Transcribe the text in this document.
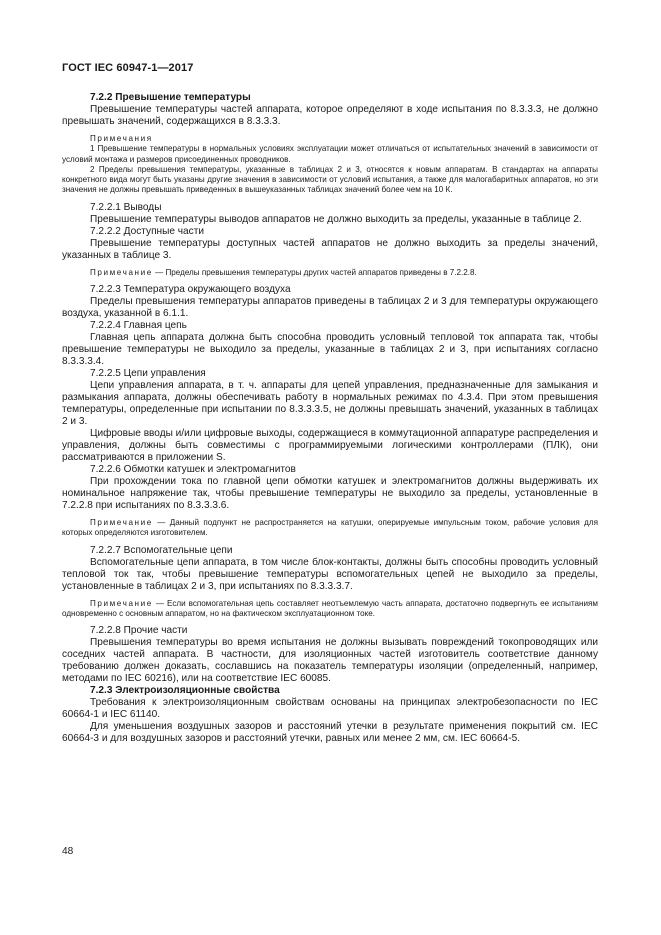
ГОСТ IEC 60947-1—2017

7.2.2 Превышение температуры

Превышение температуры частей аппарата, которое определяют в ходе испытания по 8.3.3.3, не должно превышать значений, содержащихся в 8.3.3.3.

Примечания

1 Превышение температуры в нормальных условиях эксплуатации может отличаться от испытательных значений в зависимости от условий монтажа и размеров присоединенных проводников.

2 Пределы превышения температуры, указанные в таблицах 2 и 3, относятся к новым аппаратам. В стандартах на аппараты конкретного вида могут быть указаны другие значения в зависимости от условий испытания, а также для малогабаритных аппаратов, но эти значения не должны превышать приведенных в вышеуказанных таблицах значений более чем на 10 К.

7.2.2.1 Выводы

Превышение температуры выводов аппаратов не должно выходить за пределы, указанные в таблице 2.

7.2.2.2 Доступные части

Превышение температуры доступных частей аппаратов не должно выходить за пределы значений, указанных в таблице 3.

Примечание — Пределы превышения температуры других частей аппаратов приведены в 7.2.2.8.

7.2.2.3 Температура окружающего воздуха

Пределы превышения температуры аппаратов приведены в таблицах 2 и 3 для температуры окружающего воздуха, указанной в 6.1.1.

7.2.2.4 Главная цепь

Главная цепь аппарата должна быть способна проводить условный тепловой ток аппарата так, чтобы превышение температуры не выходило за пределы, указанные в таблицах 2 и 3, при испытаниях согласно 8.3.3.3.4.

7.2.2.5 Цепи управления

Цепи управления аппарата, в т. ч. аппараты для цепей управления, предназначенные для замыкания и размыкания аппарата, должны обеспечивать работу в нормальных режимах по 4.3.4. При этом превышения температуры, определенные при испытании по 8.3.3.3.5, не должны превышать значений, указанных в таблицах 2 и 3.

Цифровые вводы и/или цифровые выходы, содержащиеся в коммутационной аппаратуре распределения и управления, должны быть совместимы с программируемыми логическими контроллерами (ПЛК), они рассматриваются в приложении S.

7.2.2.6 Обмотки катушек и электромагнитов

При прохождении тока по главной цепи обмотки катушек и электромагнитов должны выдерживать их номинальное напряжение так, чтобы превышение температуры не выходило за пределы, установленные в 7.2.2.8 при испытаниях по 8.3.3.3.6.

Примечание — Данный подпункт не распространяется на катушки, оперируемые импульсным током, рабочие условия для которых определяются изготовителем.

7.2.2.7 Вспомогательные цепи

Вспомогательные цепи аппарата, в том числе блок-контакты, должны быть способны проводить условный тепловой ток так, чтобы превышение температуры вспомогательных цепей не выходило за пределы, установленные в таблицах 2 и 3, при испытаниях по 8.3.3.3.7.

Примечание — Если вспомогательная цепь составляет неотъемлемую часть аппарата, достаточно подвергнуть ее испытаниям одновременно с основным аппаратом, но на фактическом эксплуатационном токе.

7.2.2.8 Прочие части

Превышения температуры во время испытания не должны вызывать повреждений токопроводящих или соседних частей аппарата. В частности, для изоляционных частей изготовитель соответствие данному требованию должен доказать, сославшись на показатель температуры изоляции (определенный, например, методами по IEC 60216), или на соответствие IEC 60085.

7.2.3 Электроизоляционные свойства

Требования к электроизоляционным свойствам основаны на принципах электробезопасности по IEC 60664-1 и IEC 61140.

Для уменьшения воздушных зазоров и расстояний утечки в результате применения покрытий см. IEC 60664-3 и для воздушных зазоров и расстояний утечки, равных или менее 2 мм, см. IEC 60664-5.

48
